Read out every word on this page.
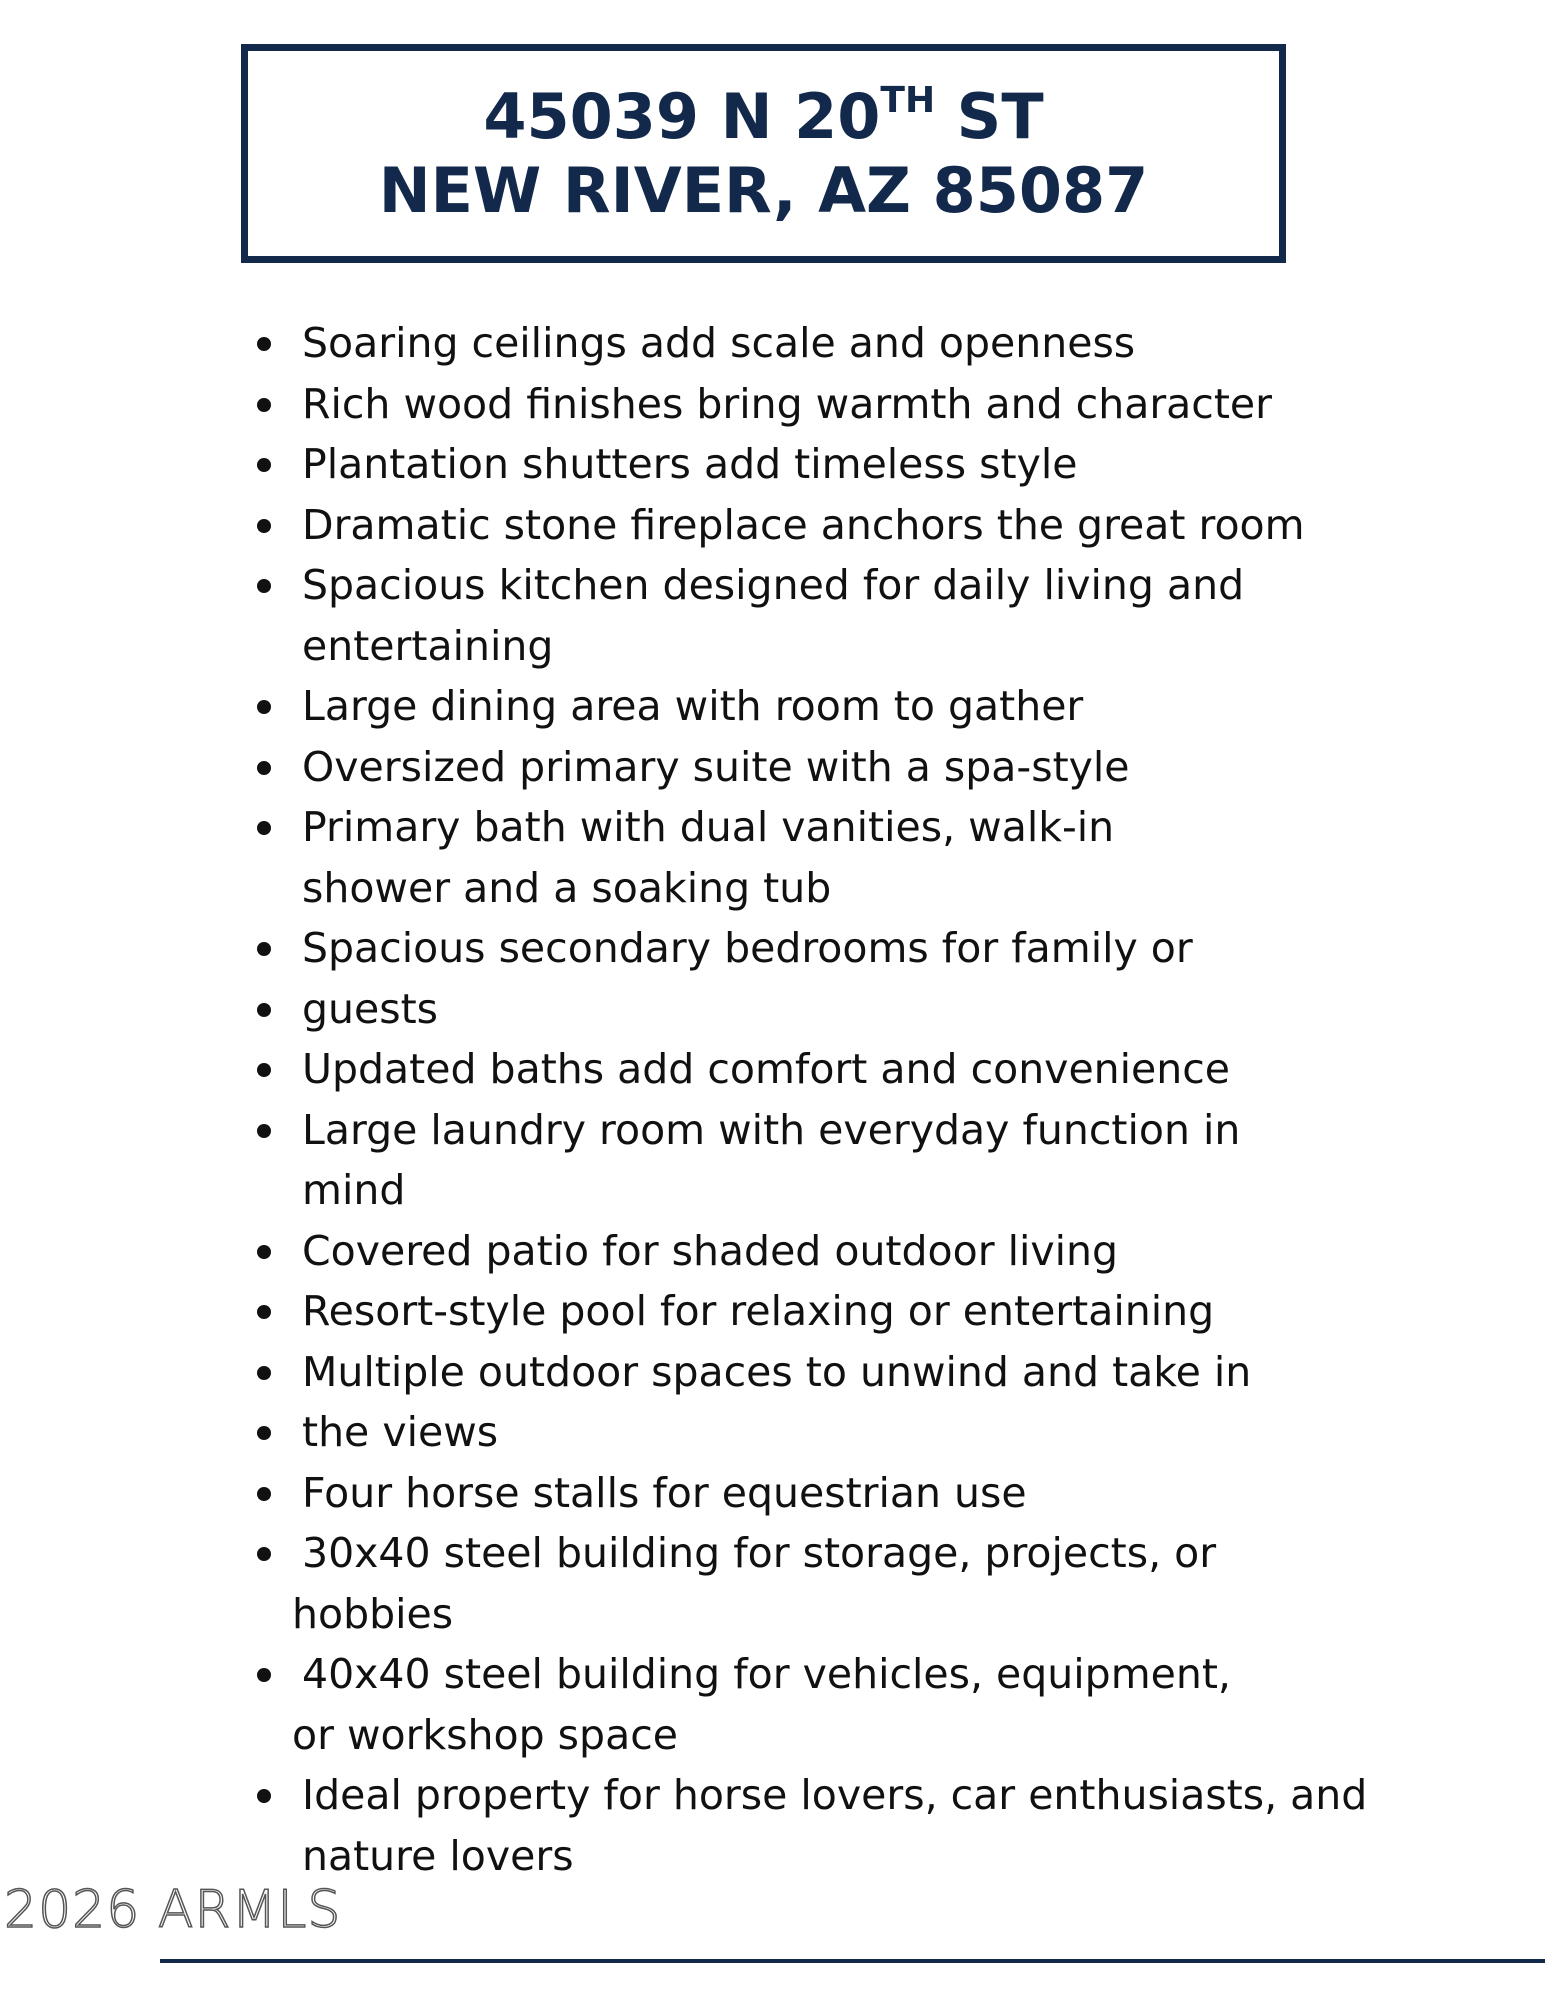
45039 N 20TH ST
NEW RIVER, AZ 85087
Soaring ceilings add scale and openness
Rich wood finishes bring warmth and character
Plantation shutters add timeless style
Dramatic stone fireplace anchors the great room
Spacious kitchen designed for daily living and
entertaining
Large dining area with room to gather
Oversized primary suite with a spa-style
Primary bath with dual vanities, walk-in
shower and a soaking tub
Spacious secondary bedrooms for family or
guests
Updated baths add comfort and convenience
Large laundry room with everyday function in
mind
Covered patio for shaded outdoor living
Resort-style pool for relaxing or entertaining
Multiple outdoor spaces to unwind and take in
the views
Four horse stalls for equestrian use
30x40 steel building for storage, projects, or
hobbies
40x40 steel building for vehicles, equipment,
or workshop space
Ideal property for horse lovers, car enthusiasts, and
nature lovers
2026 ARMLS
